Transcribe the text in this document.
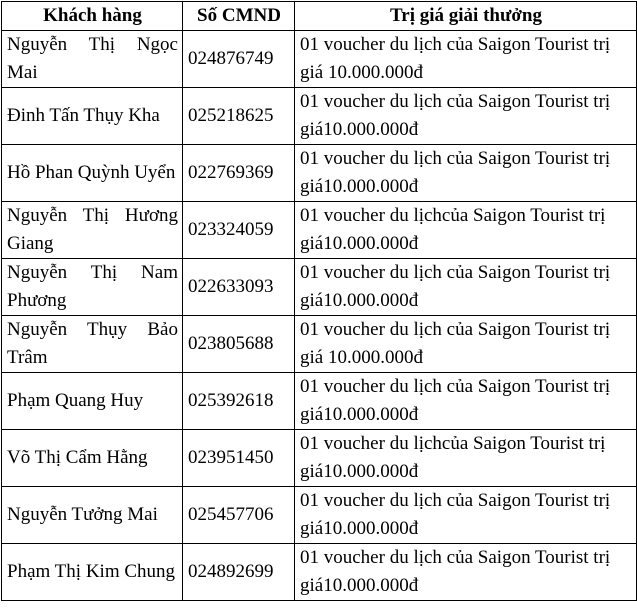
Khách hàng	Số CMND	Trị giá giải thưởng
Nguyễn Thị Ngọc Mai	024876749	01 voucher du lịch của Saigon Tourist trị giá 10.000.000đ
Đinh Tấn Thụy Kha	025218625	01 voucher du lịch của Saigon Tourist trị giá10.000.000đ
Hồ Phan Quỳnh Uyển	022769369	01 voucher du lịch của Saigon Tourist trị giá10.000.000đ
Nguyễn Thị Hương Giang	023324059	01 voucher du lịchcủa Saigon Tourist trị giá10.000.000đ
Nguyễn Thị Nam Phương	022633093	01 voucher du lịch của Saigon Tourist trị giá10.000.000đ
Nguyễn Thụy Bảo Trâm	023805688	01 voucher du lịch của Saigon Tourist trị giá 10.000.000đ
Phạm Quang Huy	025392618	01 voucher du lịch của Saigon Tourist trị giá10.000.000đ
Võ Thị Cẩm Hằng	023951450	01 voucher du lịchcủa Saigon Tourist trị giá10.000.000đ
Nguyễn Tưởng Mai	025457706	01 voucher du lịch của Saigon Tourist trị giá10.000.000đ
Phạm Thị Kim Chung	024892699	01 voucher du lịch của Saigon Tourist trị giá10.000.000đ
